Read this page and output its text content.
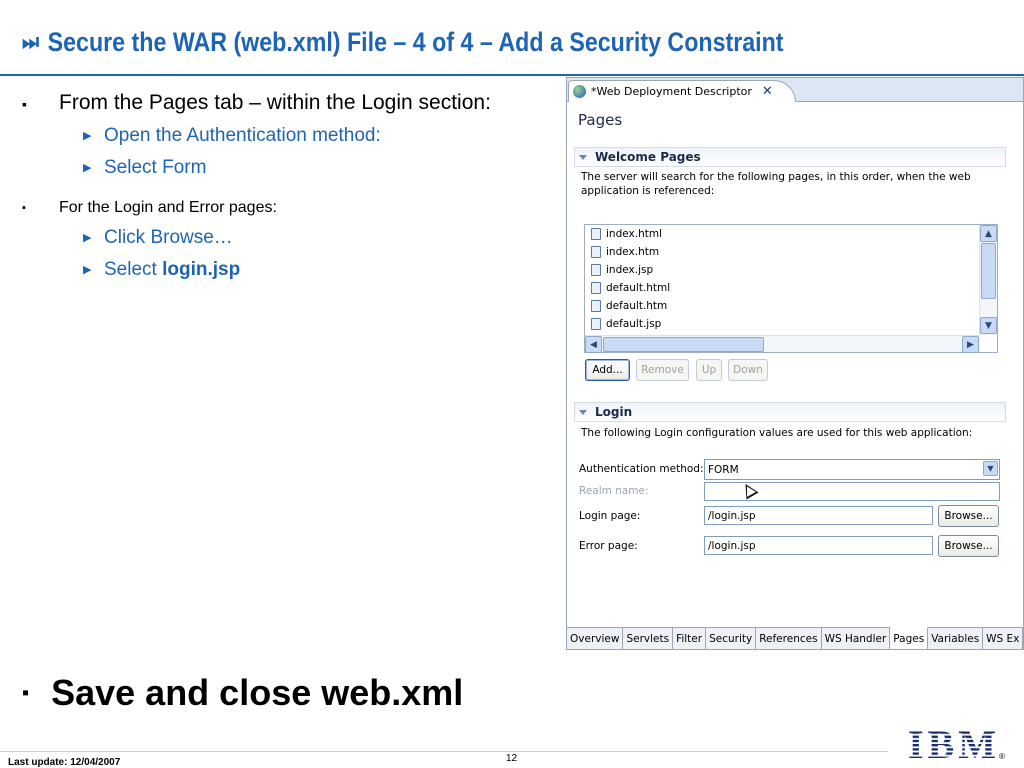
⏭ Secure the WAR (web.xml) File – 4 of 4 – Add a Security Constraint
▪ From the Pages tab – within the Login section:
▶ Open the Authentication method:
▶ Select Form
▪ For the Login and Error pages:
▶ Click Browse…
▶ Select login.jsp
▪ Save and close web.xml
Last update: 12/04/2007	12	IBM ®
*Web Deployment Descriptor ✕
Pages
Welcome Pages
The server will search for the following pages, in this order, when the web application is referenced:
index.html
index.htm
index.jsp
default.html
default.htm
default.jsp
▲
▼
◀	▶
Add...	Remove	Up	Down
Login
The following Login configuration values are used for this web application:
Authentication method: FORM	▼
Realm name:
Login page:	/login.jsp	Browse...
Error page:	/login.jsp	Browse...
Overview Servlets Filter Security References WS Handler Pages Variables WS Ex
